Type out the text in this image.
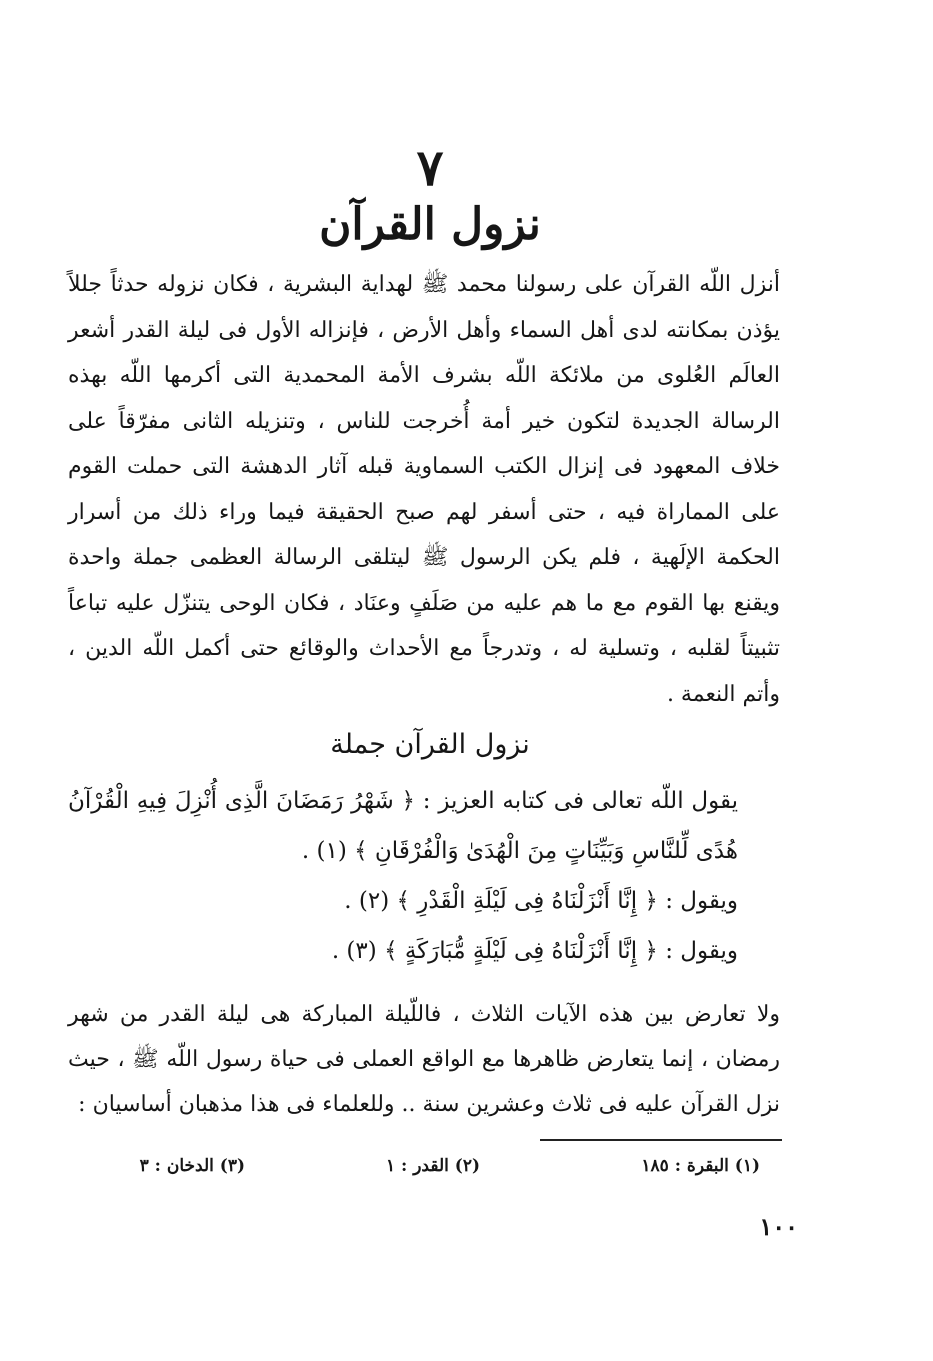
٧
نزول القرآن

أنزل اللّه القرآن على رسولنا محمد ﷺ لهداية البشرية ، فكان نزوله حدثاً جللاً يؤذن بمكانته لدى أهل السماء وأهل الأرض ، فإنزاله الأول فى ليلة القدر أشعر العالَم العُلوى من ملائكة اللّه بشرف الأمة المحمدية التى أكرمها اللّه بهذه الرسالة الجديدة لتكون خير أمة أُخرجت للناس ، وتنزيله الثانى مفرّقاً على خلاف المعهود فى إنزال الكتب السماوية قبله آثار الدهشة التى حملت القوم على المماراة فيه ، حتى أسفر لهم صبح الحقيقة فيما وراء ذلك من أسرار الحكمة الإلَهية ، فلم يكن الرسول ﷺ ليتلقى الرسالة العظمى جملة واحدة ويقنع بها القوم مع ما هم عليه من صَلَفٍ وعنَاد ، فكان الوحى يتنزّل عليه تباعاً تثبيتاً لقلبه ، وتسلية له ، وتدرجاً مع الأحداث والوقائع حتى أكمل اللّه الدين ، وأتم النعمة .

نزول القرآن جملة

يقول اللّه تعالى فى كتابه العزيز : ﴿ شَهْرُ رَمَضَانَ الَّذِى أُنْزِلَ فِيهِ الْقُرْآنُ هُدًى لِّلنَّاسِ وَبَيِّنَاتٍ مِنَ الْهُدَىٰ وَالْفُرْقَانِ ﴾ (١) .

ويقول : ﴿ إِنَّا أَنْزَلْنَاهُ فِى لَيْلَةِ الْقَدْرِ ﴾ (٢) .

ويقول : ﴿ إِنَّا أَنْزَلْنَاهُ فِى لَيْلَةٍ مُّبَارَكَةٍ ﴾ (٣) .

ولا تعارض بين هذه الآيات الثلاث ، فاللّيلة المباركة هى ليلة القدر من شهر رمضان ، إنما يتعارض ظاهرها مع الواقع العملى فى حياة رسول اللّه ﷺ ، حيث نزل القرآن عليه فى ثلاث وعشرين سنة .. وللعلماء فى هذا مذهبان أساسيان :

(١) البقرة : ١٨٥
(٢) القدر : ١
(٣) الدخان : ٣
١٠٠
